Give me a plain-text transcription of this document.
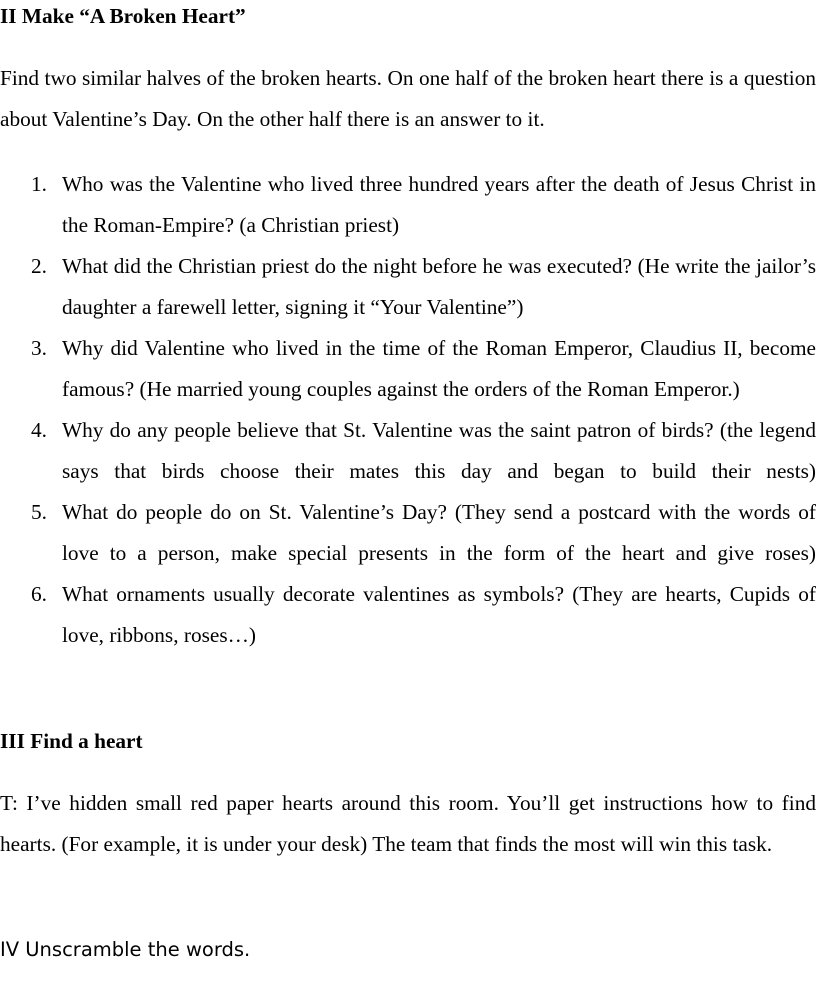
II Make “A Broken Heart”

Find two similar halves of the broken hearts. On one half of the broken heart there is a question about Valentine’s Day. On the other half there is an answer to it.

1. Who was the Valentine who lived three hundred years after the death of Jesus Christ in the Roman-Empire? (a Christian priest)
2. What did the Christian priest do the night before he was executed? (He write the jailor’s daughter a farewell letter, signing it “Your Valentine”)
3. Why did Valentine who lived in the time of the Roman Emperor, Claudius II, become famous? (He married young couples against the orders of the Roman Emperor.)
4. Why do any people believe that St. Valentine was the saint patron of birds? (the legend says that birds choose their mates this day and began to build their nests)
5. What do people do on St. Valentine’s Day? (They send a postcard with the words of love to a person, make special presents in the form of the heart and give roses)
6. What ornaments usually decorate valentines as symbols? (They are hearts, Cupids of love, ribbons, roses…)
III Find a heart

T: I’ve hidden small red paper hearts around this room. You’ll get instructions how to find hearts. (For example, it is under your desk) The team that finds the most will win this task.

IV Unscramble the words.
